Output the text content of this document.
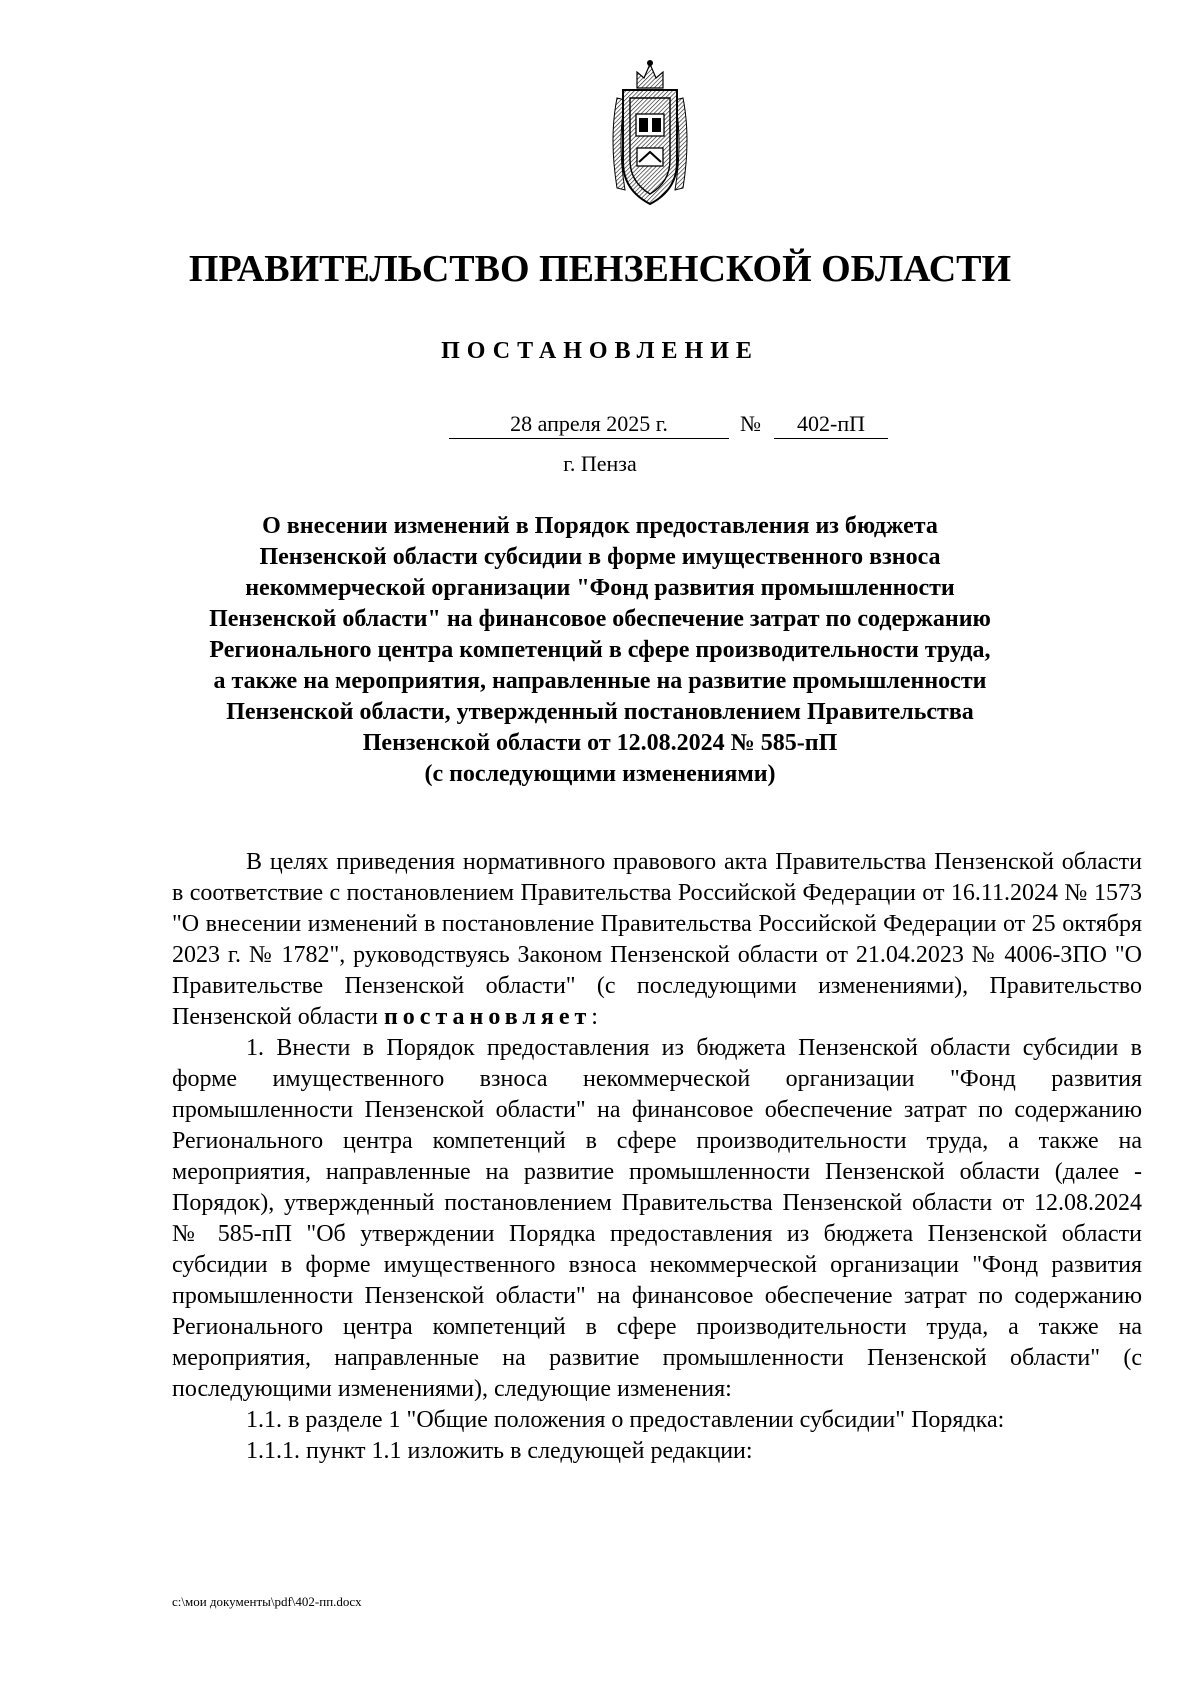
ПРАВИТЕЛЬСТВО ПЕНЗЕНСКОЙ ОБЛАСТИ
ПОСТАНОВЛЕНИЕ
28 апреля 2025 г.	№	402-пП
г. Пенза
О внесении изменений в Порядок предоставления из бюджета
Пензенской области субсидии в форме имущественного взноса
некоммерческой организации "Фонд развития промышленности
Пензенской области" на финансовое обеспечение затрат по содержанию
Регионального центра компетенций в сфере производительности труда,
а также на мероприятия, направленные на развитие промышленности
Пензенской области, утвержденный постановлением Правительства
Пензенской области от 12.08.2024 № 585-пП
(с последующими изменениями)

В целях приведения нормативного правового акта Правительства Пензенской области в соответствие с постановлением Правительства Российской Федерации от 16.11.2024 № 1573 "О внесении изменений в постановление Правительства Российской Федерации от 25 октября 2023 г. № 1782", руководствуясь Законом Пензенской области от 21.04.2023 № 4006-ЗПО "О Правительстве Пензенской области" (с последующими изменениями), Правительство Пензенской области постановляет:

1. Внести в Порядок предоставления из бюджета Пензенской области субсидии в форме имущественного взноса некоммерческой организации "Фонд развития промышленности Пензенской области" на финансовое обеспечение затрат по содержанию Регионального центра компетенций в сфере производительности труда, а также на мероприятия, направленные на развитие промышленности Пензенской области (далее - Порядок), утвержденный постановлением Правительства Пензенской области от 12.08.2024 № 585-пП "Об утверждении Порядка предоставления из бюджета Пензенской области субсидии в форме имущественного взноса некоммерческой организации "Фонд развития промышленности Пензенской области" на финансовое обеспечение затрат по содержанию Регионального центра компетенций в сфере производительности труда, а также на мероприятия, направленные на развитие промышленности Пензенской области" (с последующими изменениями), следующие изменения:

1.1. в разделе 1 "Общие положения о предоставлении субсидии" Порядка:

1.1.1. пункт 1.1 изложить в следующей редакции:

c:\мои документы\pdf\402-пп.docx
